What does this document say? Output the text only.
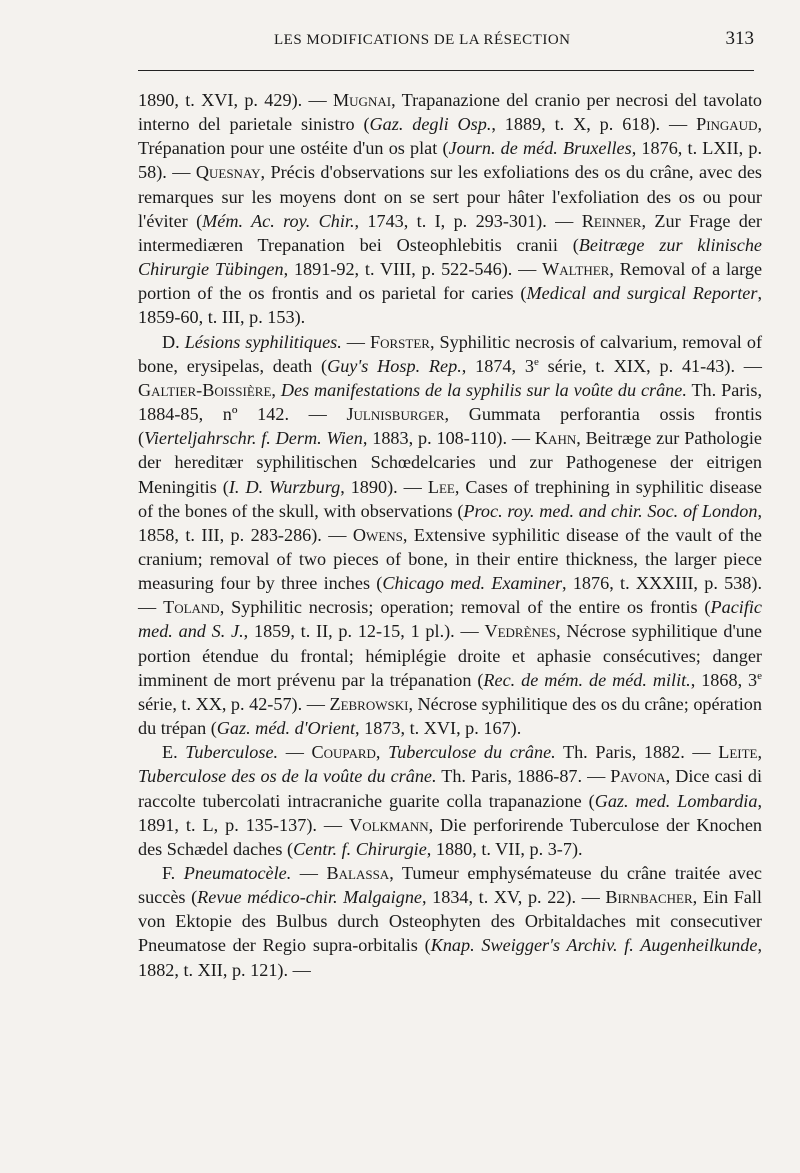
LES MODIFICATIONS DE LA RÉSECTION	313

1890, t. XVI, p. 429). — Mugnai, Trapanazione del cranio per necrosi del tavolato interno del parietale sinistro (Gaz. degli Osp., 1889, t. X, p. 618). — Pingaud, Trépanation pour une ostéite d'un os plat (Journ. de méd. Bruxelles, 1876, t. LXII, p. 58). — Quesnay, Précis d'observations sur les exfoliations des os du crâne, avec des remarques sur les moyens dont on se sert pour hâter l'exfoliation des os ou pour l'éviter (Mém. Ac. roy. Chir., 1743, t. I, p. 293-301). — Reinner, Zur Frage der intermediæren Trepanation bei Osteophlebitis cranii (Beitræge zur klinische Chirurgie Tübingen, 1891-92, t. VIII, p. 522-546). — Walther, Removal of a large portion of the os frontis and os parietal for caries (Medical and surgical Reporter, 1859-60, t. III, p. 153).

D. Lésions syphilitiques. — Forster, Syphilitic necrosis of calvarium, removal of bone, erysipelas, death (Guy's Hosp. Rep., 1874, 3e série, t. XIX, p. 41-43). — Galtier-Boissière, Des manifestations de la syphilis sur la voûte du crâne. Th. Paris, 1884-85, nº 142. — Julnisburger, Gummata perforantia ossis frontis (Vierteljahrschr. f. Derm. Wien, 1883, p. 108-110). — Kahn, Beitræge zur Pathologie der hereditær syphilitischen Schœdelcaries und zur Pathogenese der eitrigen Meningitis (I. D. Wurzburg, 1890). — Lee, Cases of trephining in syphilitic disease of the bones of the skull, with observations (Proc. roy. med. and chir. Soc. of London, 1858, t. III, p. 283-286). — Owens, Extensive syphilitic disease of the vault of the cranium; removal of two pieces of bone, in their entire thickness, the larger piece measuring four by three inches (Chicago med. Examiner, 1876, t. XXXIII, p. 538). — Toland, Syphilitic necrosis; operation; removal of the entire os frontis (Pacific med. and S. J., 1859, t. II, p. 12-15, 1 pl.). — Vedrènes, Nécrose syphilitique d'une portion étendue du frontal; hémiplégie droite et aphasie consécutives; danger imminent de mort prévenu par la trépanation (Rec. de mém. de méd. milit., 1868, 3e série, t. XX, p. 42-57). — Zebrowski, Nécrose syphilitique des os du crâne; opération du trépan (Gaz. méd. d'Orient, 1873, t. XVI, p. 167).

E. Tuberculose. — Coupard, Tuberculose du crâne. Th. Paris, 1882. — Leite, Tuberculose des os de la voûte du crâne. Th. Paris, 1886-87. — Pavona, Dice casi di raccolte tubercolati intracraniche guarite colla trapanazione (Gaz. med. Lombardia, 1891, t. L, p. 135-137). — Volkmann, Die perforirende Tuberculose der Knochen des Schædel daches (Centr. f. Chirurgie, 1880, t. VII, p. 3-7).

F. Pneumatocèle. — Balassa, Tumeur emphysémateuse du crâne traitée avec succès (Revue médico-chir. Malgaigne, 1834, t. XV, p. 22). — Birnbacher, Ein Fall von Ektopie des Bulbus durch Osteophyten des Orbitaldaches mit consecutiver Pneumatose der Regio supra-orbitalis (Knap. Sweigger's Archiv. f. Augenheilkunde, 1882, t. XII, p. 121). —
